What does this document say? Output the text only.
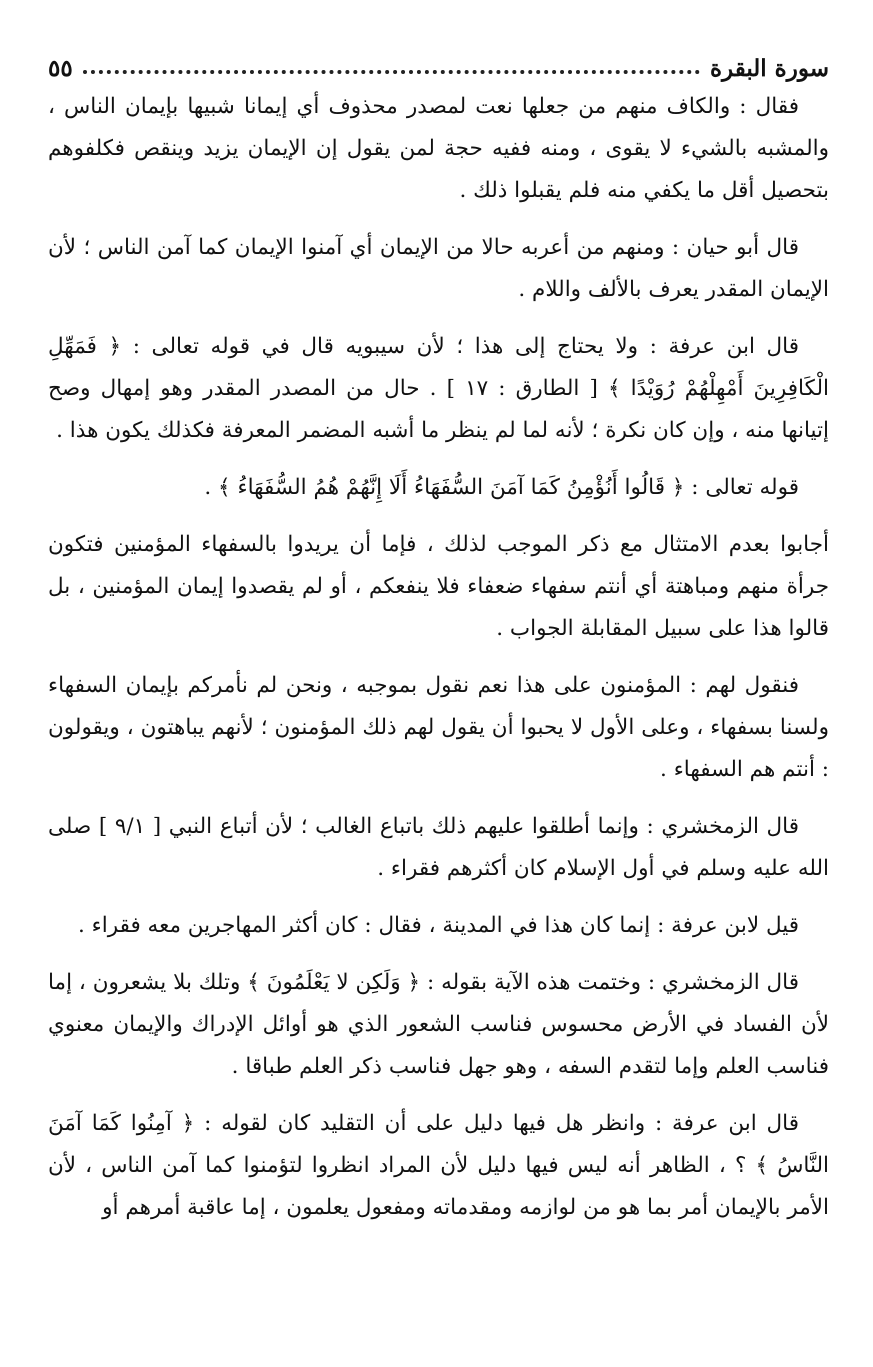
سورة البقرة
٥٥

فقال : والكاف منهم من جعلها نعت لمصدر محذوف أي إيمانا شبيها بإيمان الناس ، والمشبه بالشيء لا يقوى ، ومنه ففيه حجة لمن يقول إن الإيمان يزيد وينقص فكلفوهم بتحصيل أقل ما يكفي منه فلم يقبلوا ذلك .

قال أبو حيان : ومنهم من أعربه حالا من الإيمان أي آمنوا الإيمان كما آمن الناس ؛ لأن الإيمان المقدر يعرف بالألف واللام .

قال ابن عرفة : ولا يحتاج إلى هذا ؛ لأن سيبويه قال في قوله تعالى : ﴿ فَمَهِّلِ الْكَافِرِينَ أَمْهِلْهُمْ رُوَيْدًا ﴾ [ الطارق : ١٧ ] . حال من المصدر المقدر وهو إمهال وصح إتيانها منه ، وإن كان نكرة ؛ لأنه لما لم ينظر ما أشبه المضمر المعرفة فكذلك يكون هذا .

قوله تعالى : ﴿ قَالُوا أَنُؤْمِنُ كَمَا آمَنَ السُّفَهَاءُ أَلَا إِنَّهُمْ هُمُ السُّفَهَاءُ ﴾ .

أجابوا بعدم الامتثال مع ذكر الموجب لذلك ، فإما أن يريدوا بالسفهاء المؤمنين فتكون جرأة منهم ومباهتة أي أنتم سفهاء ضعفاء فلا ينفعكم ، أو لم يقصدوا إيمان المؤمنين ، بل قالوا هذا على سبيل المقابلة الجواب .

فنقول لهم : المؤمنون على هذا نعم نقول بموجبه ، ونحن لم نأمركم بإيمان السفهاء ولسنا بسفهاء ، وعلى الأول لا يحبوا أن يقول لهم ذلك المؤمنون ؛ لأنهم يباهتون ، ويقولون : أنتم هم السفهاء .

قال الزمخشري : وإنما أطلقوا عليهم ذلك باتباع الغالب ؛ لأن أتباع النبي [ ٩/١ ] صلى الله عليه وسلم في أول الإسلام كان أكثرهم فقراء .

قيل لابن عرفة : إنما كان هذا في المدينة ، فقال : كان أكثر المهاجرين معه فقراء .

قال الزمخشري : وختمت هذه الآية بقوله : ﴿ وَلَكِن لا يَعْلَمُونَ ﴾ وتلك بلا يشعرون ، إما لأن الفساد في الأرض محسوس فناسب الشعور الذي هو أوائل الإدراك والإيمان معنوي فناسب العلم وإما لتقدم السفه ، وهو جهل فناسب ذكر العلم طباقا .

قال ابن عرفة : وانظر هل فيها دليل على أن التقليد كان لقوله : ﴿ آمِنُوا كَمَا آمَنَ النَّاسُ ﴾ ؟ ، الظاهر أنه ليس فيها دليل لأن المراد انظروا لتؤمنوا كما آمن الناس ، لأن الأمر بالإيمان أمر بما هو من لوازمه ومقدماته ومفعول يعلمون ، إما عاقبة أمرهم أو
